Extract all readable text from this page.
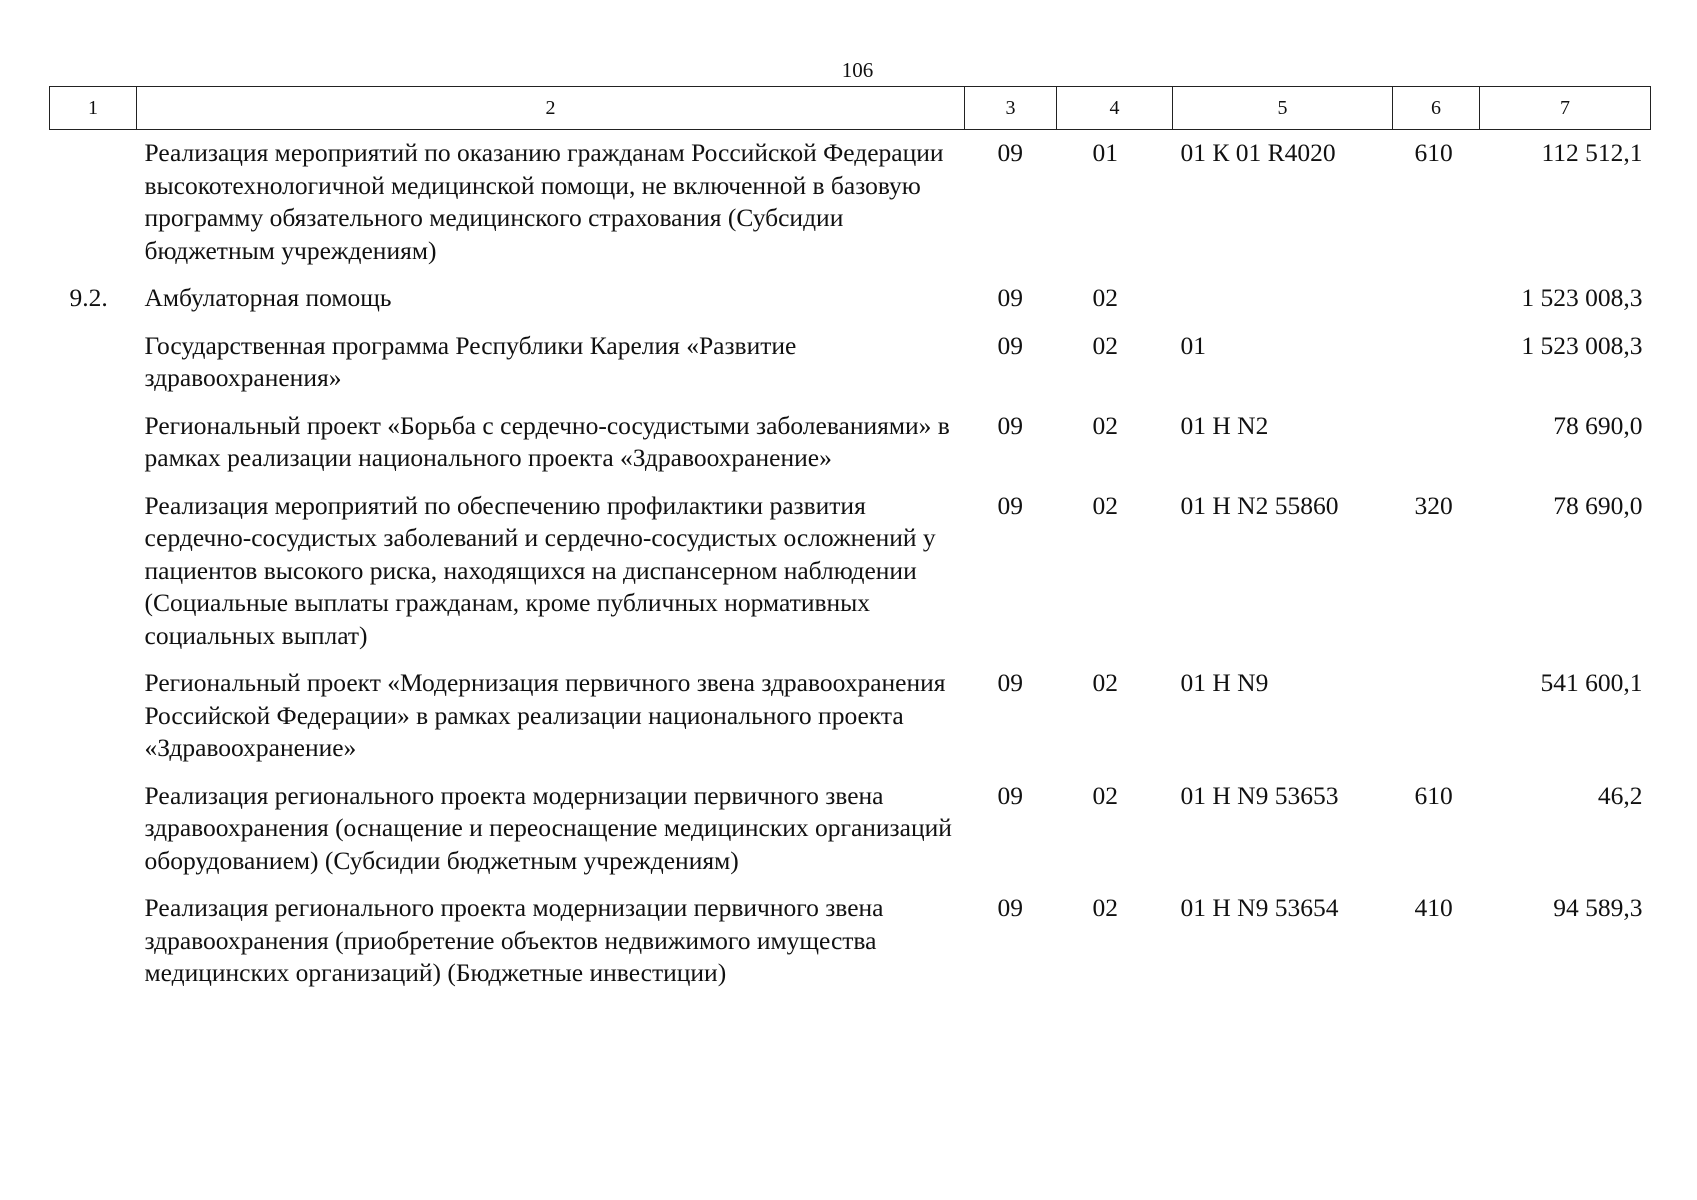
106
1	2	3	4	5	6	7
	Реализация мероприятий по оказанию гражданам Российской Федерации высокотехнологичной медицинской помощи, не включенной в базовую программу обязательного медицинского страхования (Субсидии бюджетным учреждениям)	09	01	01 К 01 R4020	610	112 512,1
9.2.	Амбулаторная помощь	09	02			1 523 008,3
	Государственная программа Республики Карелия «Развитие здравоохранения»	09	02	01		1 523 008,3
	Региональный проект «Борьба с сердечно-сосудистыми заболеваниями» в рамках реализации национального проекта «Здравоохранение»	09	02	01 Н N2		78 690,0
	Реализация мероприятий по обеспечению профилактики развития сердечно-сосудистых заболеваний и сердечно-сосудистых осложнений у пациентов высокого риска, находящихся на диспансерном наблюдении (Социальные выплаты гражданам, кроме публичных нормативных социальных выплат)	09	02	01 Н N2 55860	320	78 690,0
	Региональный проект «Модернизация первичного звена здравоохранения Российской Федерации» в рамках реализации национального проекта «Здравоохранение»	09	02	01 Н N9		541 600,1
	Реализация регионального проекта модернизации первичного звена здравоохранения (оснащение и переоснащение медицинских организаций оборудованием) (Субсидии бюджетным учреждениям)	09	02	01 Н N9 53653	610	46,2
	Реализация регионального проекта модернизации первичного звена здравоохранения (приобретение объектов недвижимого имущества медицинских организаций) (Бюджетные инвестиции)	09	02	01 Н N9 53654	410	94 589,3
